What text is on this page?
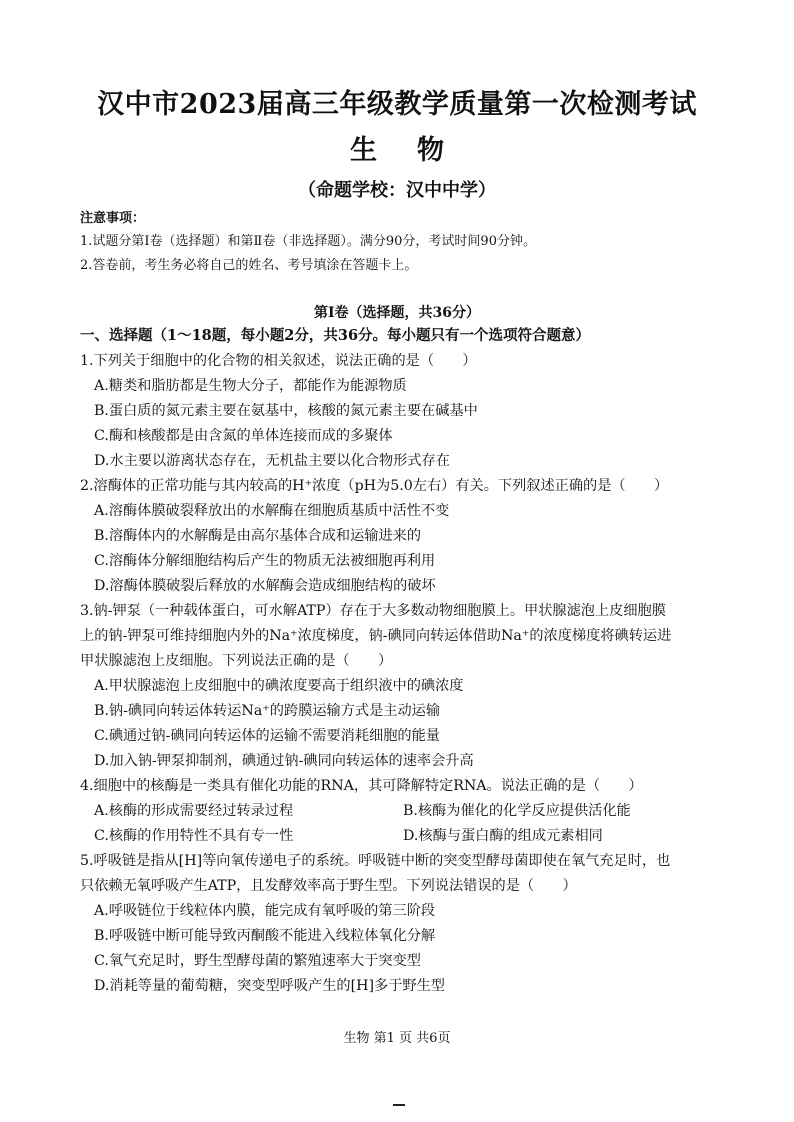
汉中市2023届高三年级教学质量第一次检测考试
生物
（命题学校：汉中中学）
注意事项：
1.试题分第Ⅰ卷（选择题）和第Ⅱ卷（非选择题）。满分90分，考试时间90分钟。
2.答卷前，考生务必将自己的姓名、考号填涂在答题卡上。
第Ⅰ卷（选择题，共36分）
一、选择题（1～18题，每小题2分，共36分。每小题只有一个选项符合题意）
1.下列关于细胞中的化合物的相关叙述，说法正确的是（　　）
A.糖类和脂肪都是生物大分子，都能作为能源物质
B.蛋白质的氮元素主要在氨基中，核酸的氮元素主要在碱基中
C.酶和核酸都是由含氮的单体连接而成的多聚体
D.水主要以游离状态存在，无机盐主要以化合物形式存在
2.溶酶体的正常功能与其内较高的H⁺浓度（pH为5.0左右）有关。下列叙述正确的是（　　）
A.溶酶体膜破裂释放出的水解酶在细胞质基质中活性不变
B.溶酶体内的水解酶是由高尔基体合成和运输进来的
C.溶酶体分解细胞结构后产生的物质无法被细胞再利用
D.溶酶体膜破裂后释放的水解酶会造成细胞结构的破坏
3.钠-钾泵（一种载体蛋白，可水解ATP）存在于大多数动物细胞膜上。甲状腺滤泡上皮细胞膜
上的钠-钾泵可维持细胞内外的Na⁺浓度梯度，钠-碘同向转运体借助Na⁺的浓度梯度将碘转运进
甲状腺滤泡上皮细胞。下列说法正确的是（　　）
A.甲状腺滤泡上皮细胞中的碘浓度要高于组织液中的碘浓度
B.钠-碘同向转运体转运Na⁺的跨膜运输方式是主动运输
C.碘通过钠-碘同向转运体的运输不需要消耗细胞的能量
D.加入钠-钾泵抑制剂，碘通过钠-碘同向转运体的速率会升高
4.细胞中的核酶是一类具有催化功能的RNA，其可降解特定RNA。说法正确的是（　　）
A.核酶的形成需要经过转录过程	B.核酶为催化的化学反应提供活化能
C.核酶的作用特性不具有专一性	D.核酶与蛋白酶的组成元素相同
5.呼吸链是指从[H]等向氧传递电子的系统。呼吸链中断的突变型酵母菌即使在氧气充足时，也
只依赖无氧呼吸产生ATP，且发酵效率高于野生型。下列说法错误的是（　　）
A.呼吸链位于线粒体内膜，能完成有氧呼吸的第三阶段
B.呼吸链中断可能导致丙酮酸不能进入线粒体氧化分解
C.氧气充足时，野生型酵母菌的繁殖速率大于突变型
D.消耗等量的葡萄糖，突变型呼吸产生的[H]多于野生型
生物 第1 页 共6页
